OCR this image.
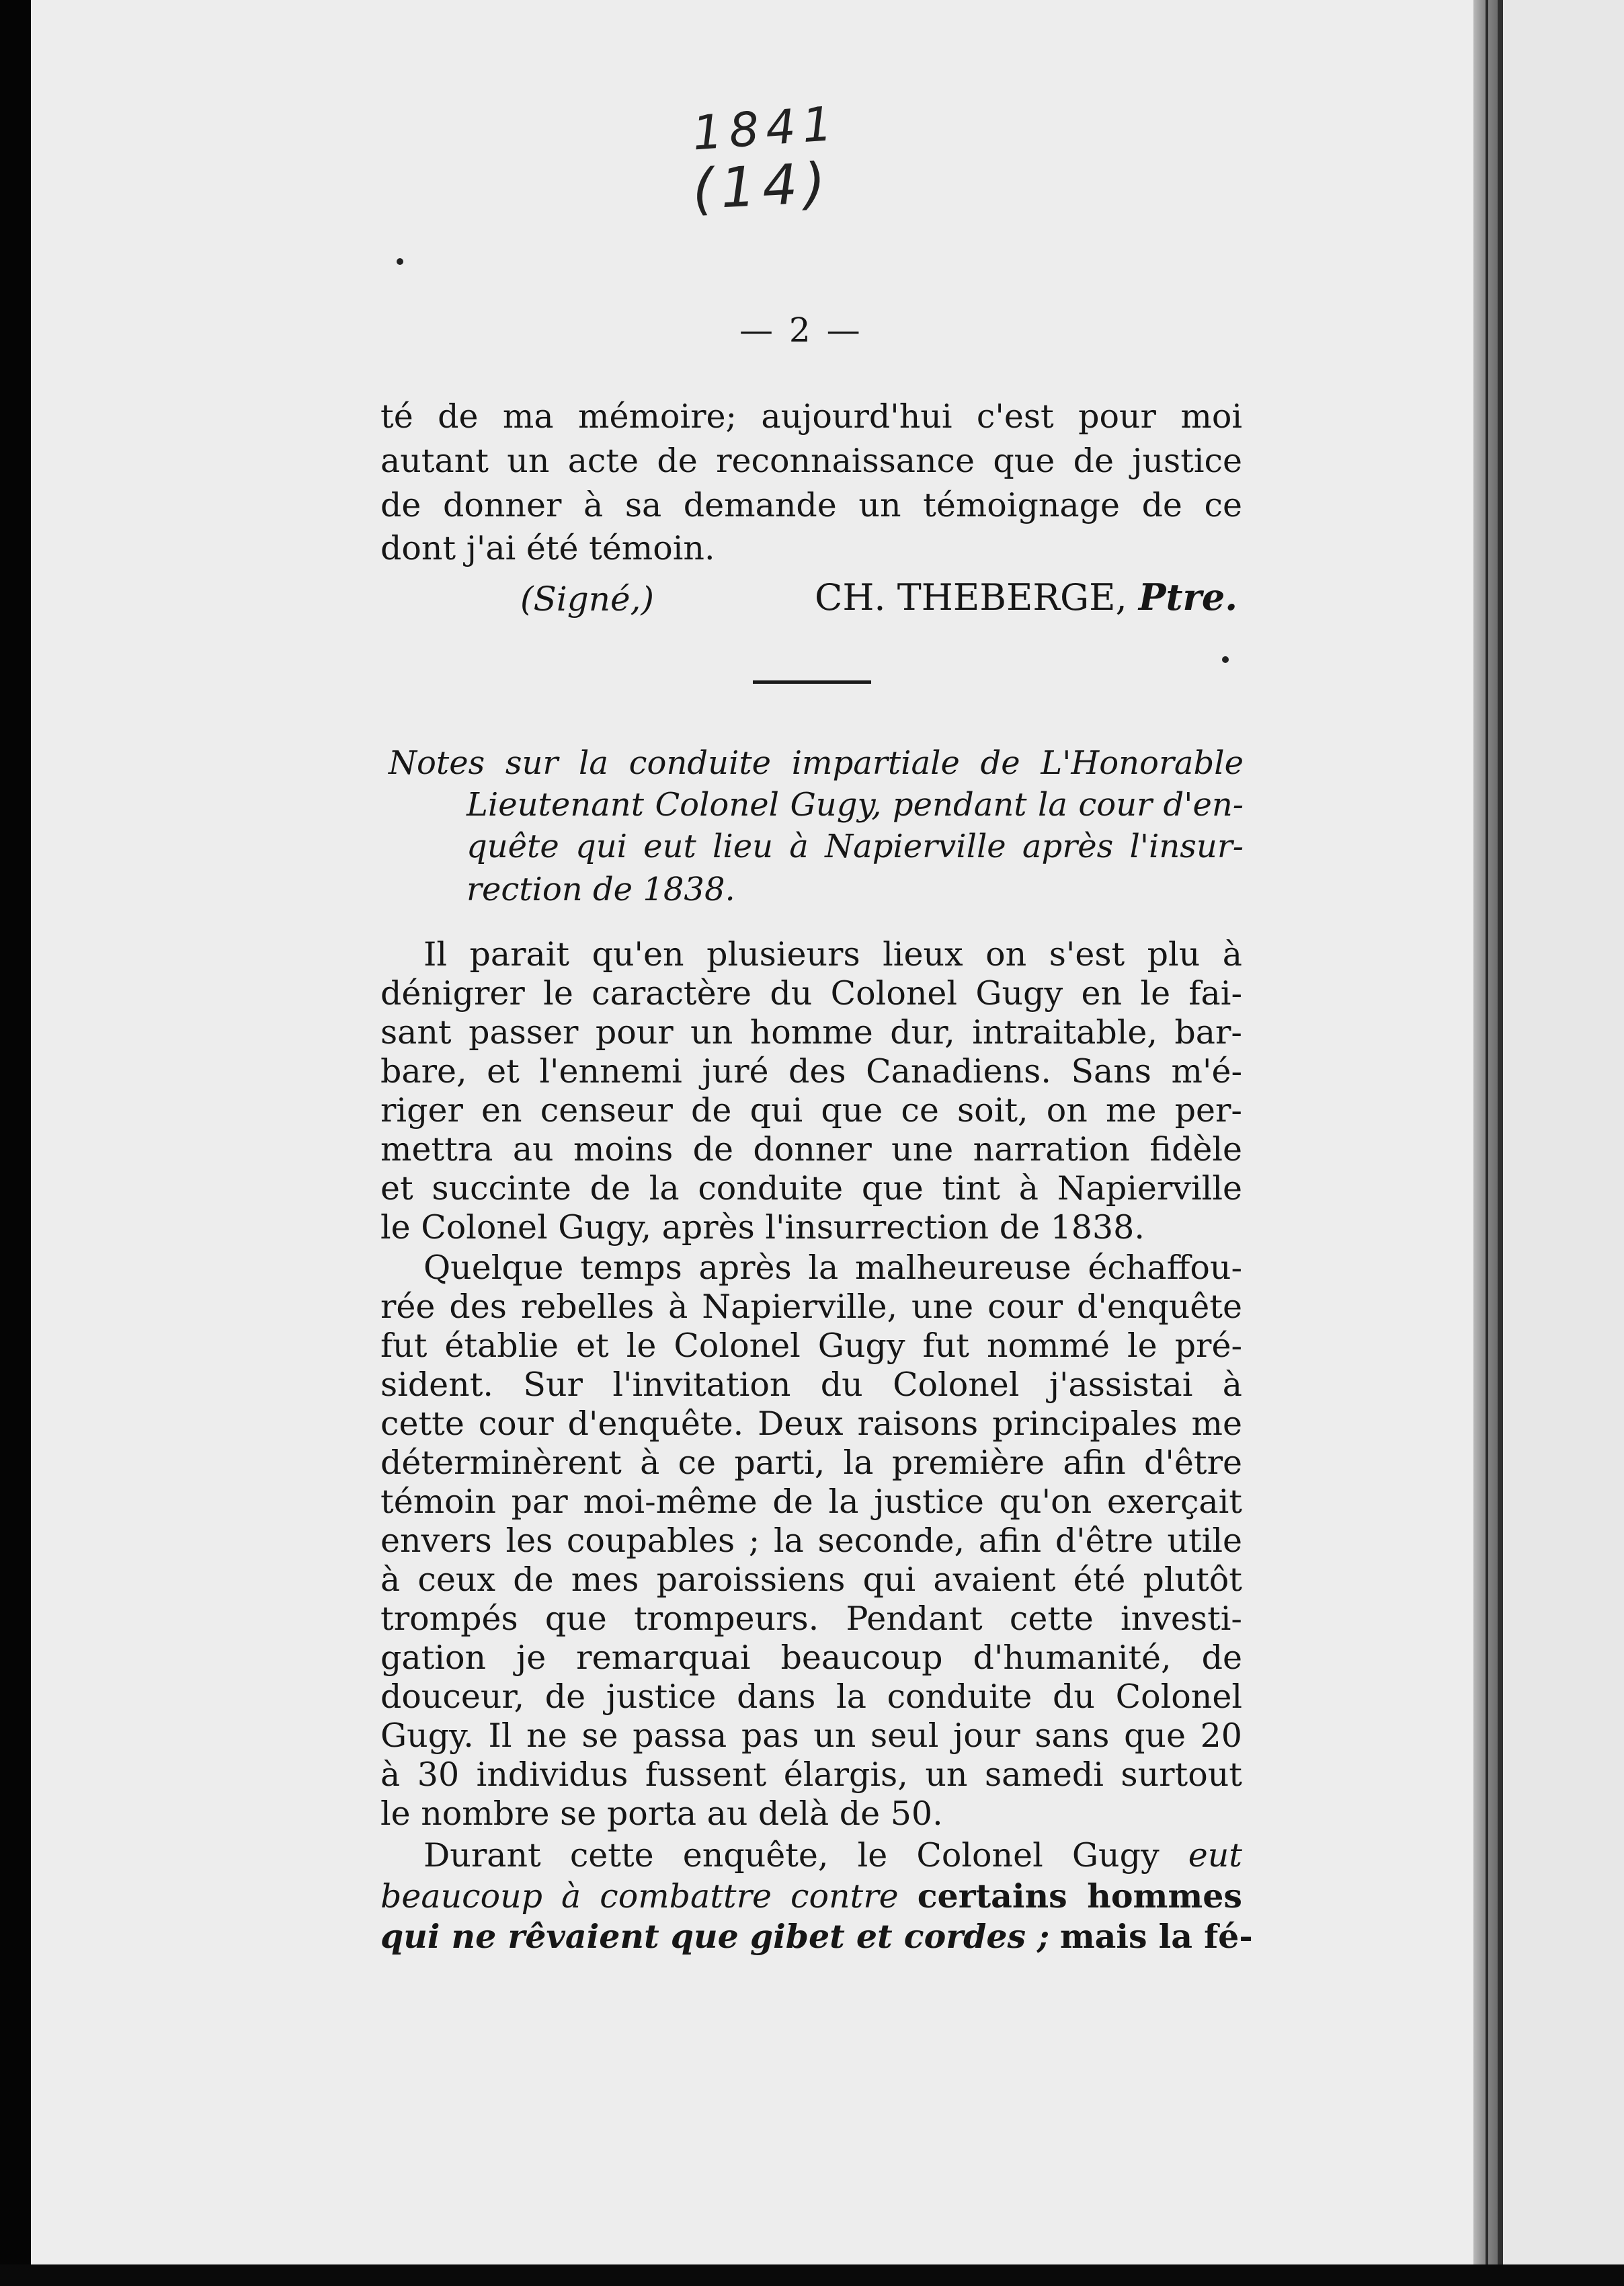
1841
(14)
— 2 —
té de ma mémoire; aujourd'hui c'est pour moi
autant un acte de reconnaissance que de justice
de donner à sa demande un témoignage de ce
dont j'ai été témoin.
(Signé,)	CH. THEBERGE, Ptre.
Notes sur la conduite impartiale de L'Honorable
Lieutenant Colonel Gugy, pendant la cour d'en-
quête qui eut lieu à Napierville après l'insur-
rection de 1838.
Il parait qu'en plusieurs lieux on s'est plu à
dénigrer le caractère du Colonel Gugy en le fai-
sant passer pour un homme dur, intraitable, bar-
bare, et l'ennemi juré des Canadiens. Sans m'é-
riger en censeur de qui que ce soit, on me per-
mettra au moins de donner une narration fidèle
et succinte de la conduite que tint à Napierville
le Colonel Gugy, après l'insurrection de 1838.
Quelque temps après la malheureuse échaffou-
rée des rebelles à Napierville, une cour d'enquête
fut établie et le Colonel Gugy fut nommé le pré-
sident. Sur l'invitation du Colonel j'assistai à
cette cour d'enquête. Deux raisons principales me
déterminèrent à ce parti, la première afin d'être
témoin par moi-même de la justice qu'on exerçait
envers les coupables ; la seconde, afin d'être utile
à ceux de mes paroissiens qui avaient été plutôt
trompés que trompeurs. Pendant cette investi-
gation je remarquai beaucoup d'humanité, de
douceur, de justice dans la conduite du Colonel
Gugy. Il ne se passa pas un seul jour sans que 20
à 30 individus fussent élargis, un samedi surtout
le nombre se porta au delà de 50.
Durant cette enquête, le Colonel Gugy eut
beaucoup à combattre contre certains hommes
qui ne rêvaient que gibet et cordes ; mais la fé-
